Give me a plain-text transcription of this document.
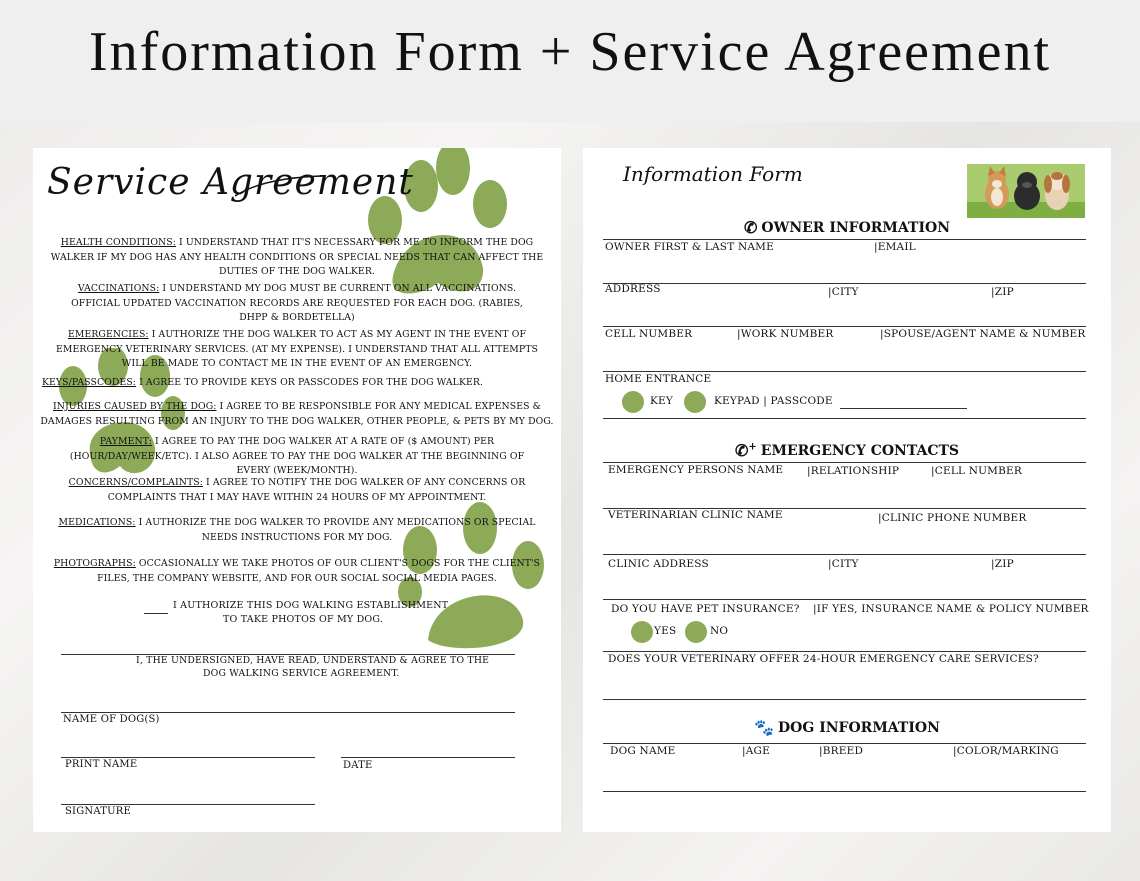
Information Form + Service Agreement
Service Agreement
HEALTH CONDITIONS: I UNDERSTAND THAT IT'S NECESSARY FOR ME TO INFORM THE DOG WALKER IF MY DOG HAS ANY HEALTH CONDITIONS OR SPECIAL NEEDS THAT CAN AFFECT THE DUTIES OF THE DOG WALKER.
VACCINATIONS: I UNDERSTAND MY DOG MUST BE CURRENT ON ALL VACCINATIONS. OFFICIAL UPDATED VACCINATION RECORDS ARE REQUESTED FOR EACH DOG. (RABIES, DHPP & BORDETELLA)
EMERGENCIES: I AUTHORIZE THE DOG WALKER TO ACT AS MY AGENT IN THE EVENT OF EMERGENCY VETERINARY SERVICES. (AT MY EXPENSE). I UNDERSTAND THAT ALL ATTEMPTS WILL BE MADE TO CONTACT ME IN THE EVENT OF AN EMERGENCY.
KEYS/PASSCODES: I AGREE TO PROVIDE KEYS OR PASSCODES FOR THE DOG WALKER.
INJURIES CAUSED BY THE DOG: I AGREE TO BE RESPONSIBLE FOR ANY MEDICAL EXPENSES & DAMAGES RESULTING FROM AN INJURY TO THE DOG WALKER, OTHER PEOPLE, & PETS BY MY DOG.
PAYMENT: I AGREE TO PAY THE DOG WALKER AT A RATE OF ($ AMOUNT) PER (HOUR/DAY/WEEK/ETC). I ALSO AGREE TO PAY THE DOG WALKER AT THE BEGINNING OF EVERY (WEEK/MONTH).
CONCERNS/COMPLAINTS: I AGREE TO NOTIFY THE DOG WALKER OF ANY CONCERNS OR COMPLAINTS THAT I MAY HAVE WITHIN 24 HOURS OF MY APPOINTMENT.
MEDICATIONS: I AUTHORIZE THE DOG WALKER TO PROVIDE ANY MEDICATIONS OR SPECIAL NEEDS INSTRUCTIONS FOR MY DOG.
PHOTOGRAPHS: OCCASIONALLY WE TAKE PHOTOS OF OUR CLIENT'S DOGS FOR THE CLIENT'S FILES, THE COMPANY WEBSITE, AND FOR OUR SOCIAL SOCIAL MEDIA PAGES.
I AUTHORIZE THIS DOG WALKING ESTABLISHMENT
TO TAKE PHOTOS OF MY DOG.
I, THE UNDERSIGNED, HAVE READ, UNDERSTAND & AGREE TO THE
DOG WALKING SERVICE AGREEMENT.
NAME OF DOG(S)
PRINT NAME	DATE
SIGNATURE
Information Form
✆ OWNER INFORMATION
OWNER FIRST & LAST NAME	|EMAIL
ADDRESS	|CITY	|ZIP
CELL NUMBER	|WORK NUMBER	|SPOUSE/AGENT NAME & NUMBER
HOME ENTRANCE
KEY	KEYPAD | PASSCODE
✆+ EMERGENCY CONTACTS
EMERGENCY PERSONS NAME |RELATIONSHIP	|CELL NUMBER
VETERINARIAN CLINIC NAME	|CLINIC PHONE NUMBER
CLINIC ADDRESS	|CITY	|ZIP
DO YOU HAVE PET INSURANCE? |IF YES, INSURANCE NAME & POLICY NUMBER
YES	NO
DOES YOUR VETERINARY OFFER 24-HOUR EMERGENCY CARE SERVICES?
🐾 DOG INFORMATION
DOG NAME	|AGE	|BREED	|COLOR/MARKING
